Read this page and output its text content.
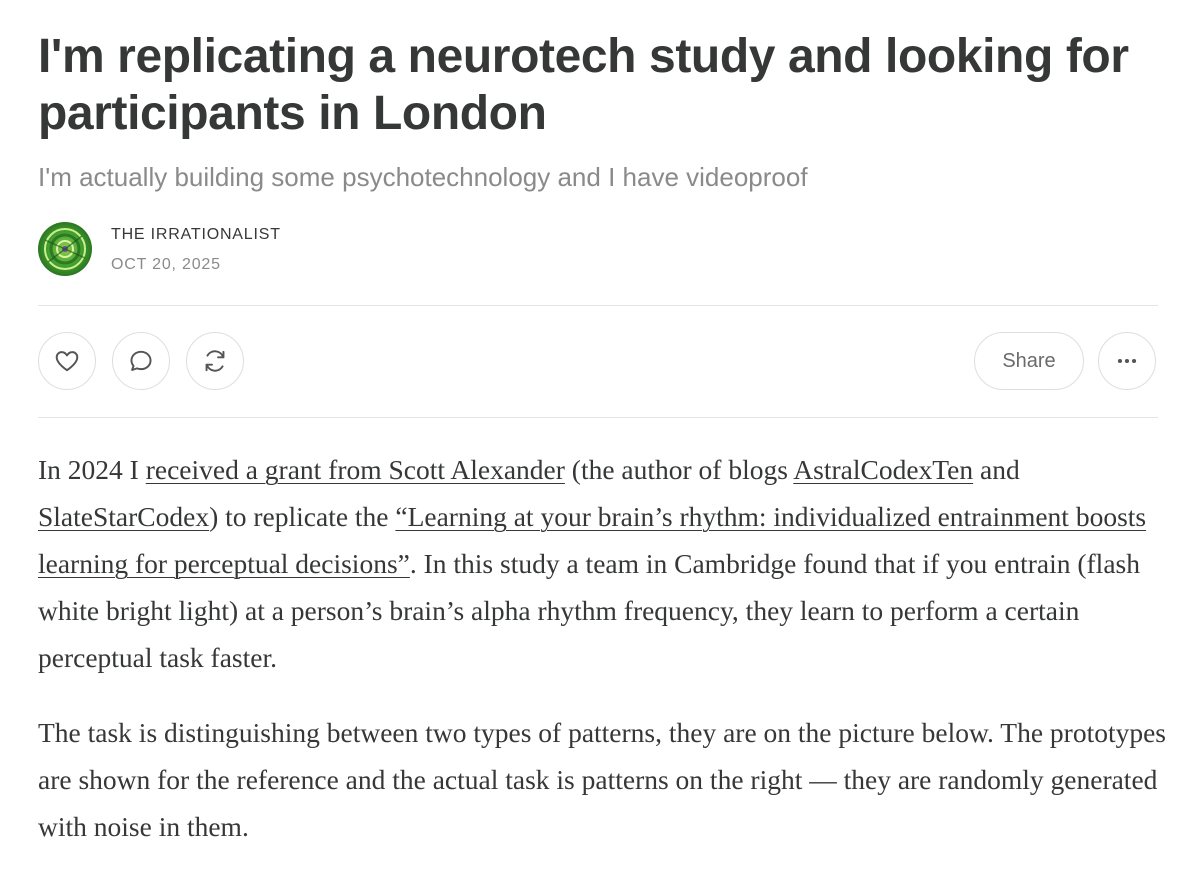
I'm replicating a neurotech study and looking for participants in London
I'm actually building some psychotechnology and I have videoproof
THE IRRATIONALIST
OCT 20, 2025
Share

In 2024 I received a grant from Scott Alexander (the author of blogs AstralCodexTen and SlateStarCodex) to replicate the “Learning at your brain’s rhythm: individualized entrainment boosts learning for perceptual decisions”. In this study a team in Cambridge found that if you entrain (flash white bright light) at a person’s brain’s alpha rhythm frequency, they learn to perform a certain perceptual task faster.

The task is distinguishing between two types of patterns, they are on the picture below. The prototypes are shown for the reference and the actual task is patterns on the right — they are randomly generated with noise in them.
